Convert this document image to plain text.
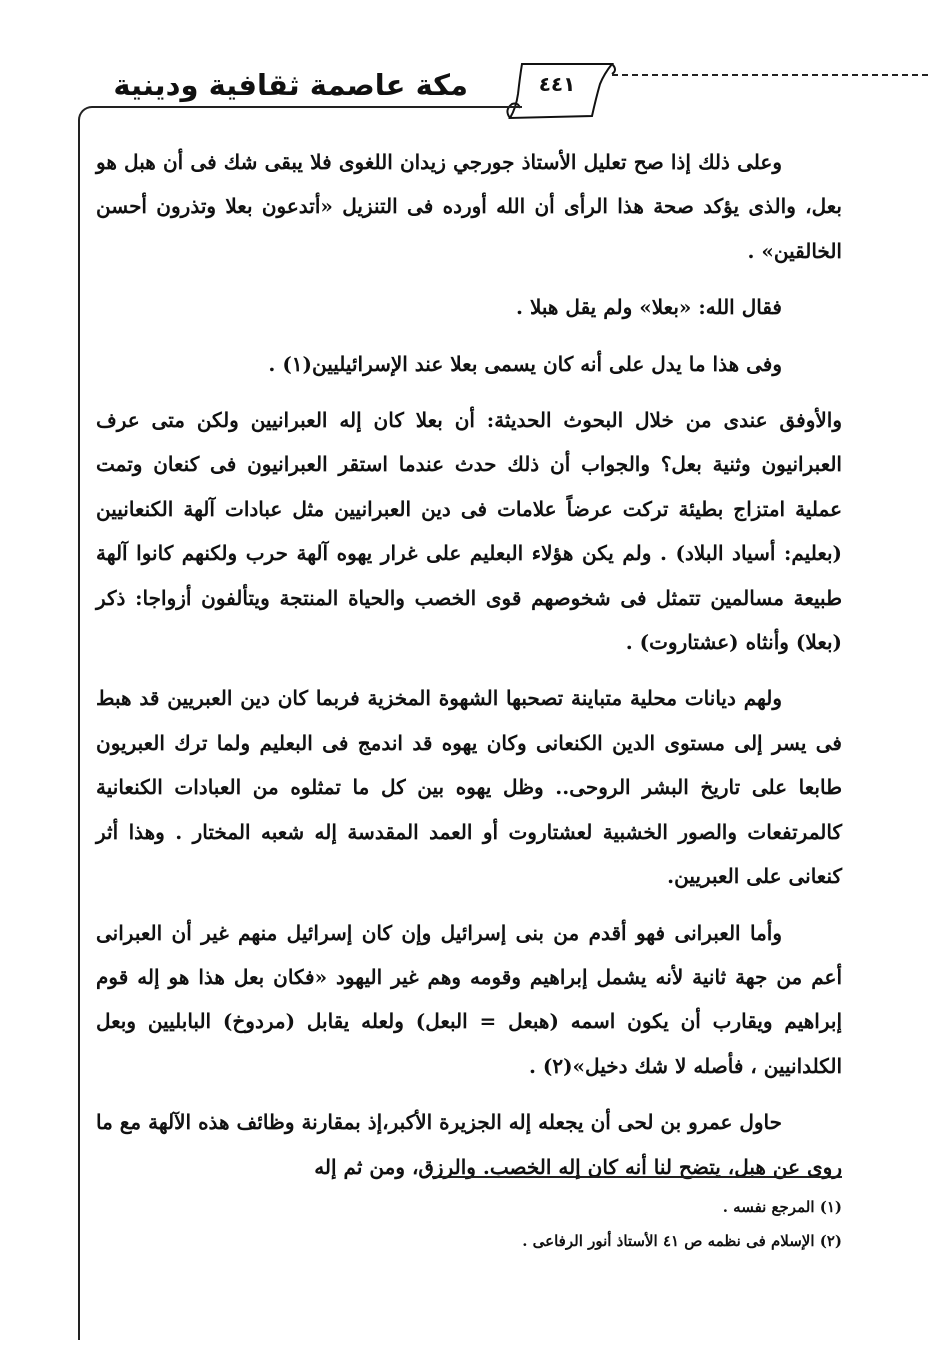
مكة عاصمة ثقافية ودينية	٤٤١

وعلى ذلك إذا صح تعليل الأستاذ جورجي زيدان اللغوى فلا يبقى شك فى أن هبل هو بعل، والذى يؤكد صحة هذا الرأى أن الله أورده فى التنزيل «أتدعون بعلا وتذرون أحسن الخالقين» .

فقال الله: «بعلا» ولم يقل هبلا .

وفى هذا ما يدل على أنه كان يسمى بعلا عند الإسرائيليين(١) .

والأوفق عندى من خلال البحوث الحديثة: أن بعلا كان إله العبرانيين ولكن متى عرف العبرانيون وثنية بعل؟ والجواب أن ذلك حدث عندما استقر العبرانيون فى كنعان وتمت عملية امتزاج بطيئة تركت عرضاً علامات فى دين العبرانيين مثل عبادات آلهة الكنعانيين (بعليم: أسياد البلاد) . ولم يكن هؤلاء البعليم على غرار يهوه آلهة حرب ولكنهم كانوا آلهة طبيعة مسالمين تتمثل فى شخوصهم قوى الخصب والحياة المنتجة ويتألفون أزواجا: ذكر (بعلا) وأنثاه (عشتاروت) .

ولهم ديانات محلية متباينة تصحبها الشهوة المخزية فربما كان دين العبريين قد هبط فى يسر إلى مستوى الدين الكنعانى وكان يهوه قد اندمج فى البعليم ولما ترك العبريون طابعا على تاريخ البشر الروحى.. وظل يهوه بين كل ما تمثلوه من العبادات الكنعانية كالمرتفعات والصور الخشبية لعشتاروت أو العمد المقدسة إله شعبه المختار . وهذا أثر كنعانى على العبريين.

وأما العبرانى فهو أقدم من بنى إسرائيل وإن كان إسرائيل منهم غير أن العبرانى أعم من جهة ثانية لأنه يشمل إبراهيم وقومه وهم غير اليهود «فكان بعل هذا هو إله قوم إبراهيم ويقارب أن يكون اسمه (هبعل = البعل) ولعله يقابل (مردوخ) البابليين وبعل الكلدانيين ، فأصله لا شك دخيل»(٢) .

حاول عمرو بن لحى أن يجعله إله الجزيرة الأكبر،إذ بمقارنة وظائف هذه الآلهة مع ما روى عن هبل، يتضح لنا أنه كان إله الخصب. والرزق، ومن ثم إله

(١) المرجع نفسه .

(٢) الإسلام فى نظمه ص ٤١ الأستاذ أنور الرفاعى .
